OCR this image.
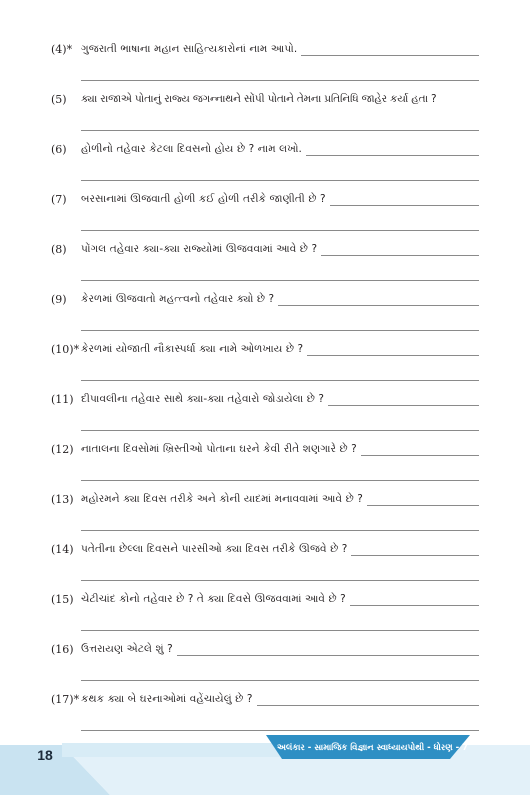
(4)* ગુજરાતી ભાષાના મહાન સાહિત્યકારોનાં નામ આપો.
(5)	ક્યા રાજાએ પોતાનું રાજ્ય જગન્નાથને સોંપી પોતાને તેમના પ્રતિનિધિ જાહેર કર્યા હતા ?
(6)	હોળીનો તહેવાર કેટલા દિવસનો હોય છે ? નામ લખો.
(7)	બરસાનામાં ઊજવાતી હોળી કઈ હોળી તરીકે જાણીતી છે ?
(8)	પોંગલ તહેવાર ક્યા-ક્યા રાજ્યોમાં ઊજવવામાં આવે છે ?
(9)	કેરળમાં ઊજવાતો મહત્ત્વનો તહેવાર ક્યો છે ?
(10)* કેરળમાં યોજાતી નૌકાસ્પર્ધા ક્યા નામે ઓળખાય છે ?
(11) દીપાવલીના તહેવાર સાથે ક્યા-ક્યા તહેવારો જોડાયેલા છે ?
(12) નાતાલના દિવસોમાં ખ્રિસ્તીઓ પોતાના ઘરને કેવી રીતે શણગારે છે ?
(13) મહોરમને ક્યા દિવસ તરીકે અને કોની યાદમાં મનાવવામાં આવે છે ?
(14) પતેતીના છેલ્લા દિવસને પારસીઓ ક્યા દિવસ તરીકે ઊજવે છે ?
(15) ચેટીચાંદ કોનો તહેવાર છે ? તે ક્યા દિવસે ઊજવવામાં આવે છે ?
(16) ઉત્તરાયણ એટલે શું ?
(17)* કથક ક્યા બે ઘરનાઓમાં વહેંચાયેલું છે ?
18	અલંકાર - સામાજિક વિજ્ઞાન સ્વાધ્યાયપોથી - ધોરણ - 7
